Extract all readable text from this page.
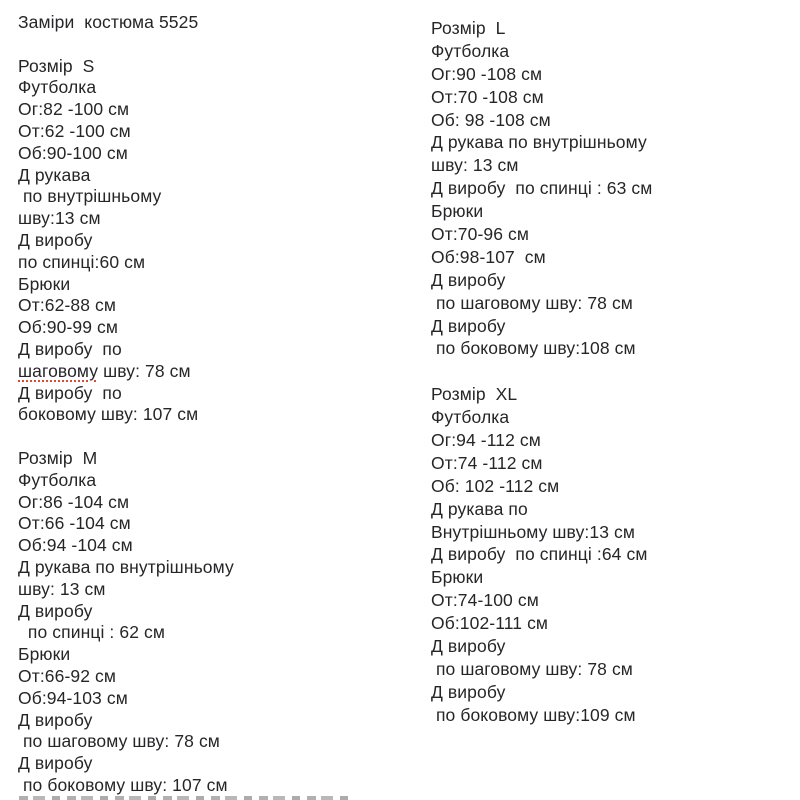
Заміри  костюма 5525
Розмір  S
Футболка
Ог:82 -100 см
От:62 -100 см
Об:90-100 см
Д рукава
по внутрішньому
шву:13 см
Д виробу
по спинці:60 см
Брюки
От:62-88 см
Об:90-99 см
Д виробу  по
шаговому шву: 78 см
Д виробу  по
боковому шву: 107 см
Розмір  M
Футболка
Ог:86 -104 см
От:66 -104 см
Об:94 -104 см
Д рукава по внутрішньому
шву: 13 см
Д виробу
по спинці : 62 см
Брюки
От:66-92 см
Об:94-103 см
Д виробу
по шаговому шву: 78 см
Д виробу
по боковому шву: 107 см
Розмір  L
Футболка
Ог:90 -108 см
От:70 -108 см
Об: 98 -108 см
Д рукава по внутрішньому
шву: 13 см
Д виробу  по спинці : 63 см
Брюки
От:70-96 см
Об:98-107  см
Д виробу
по шаговому шву: 78 см
Д виробу
по боковому шву:108 см
Розмір  XL
Футболка
Ог:94 -112 см
От:74 -112 см
Об: 102 -112 см
Д рукава по
Внутрішньому шву:13 см
Д виробу  по спинці :64 см
Брюки
От:74-100 см
Об:102-111 см
Д виробу
по шаговому шву: 78 см
Д виробу
по боковому шву:109 см
